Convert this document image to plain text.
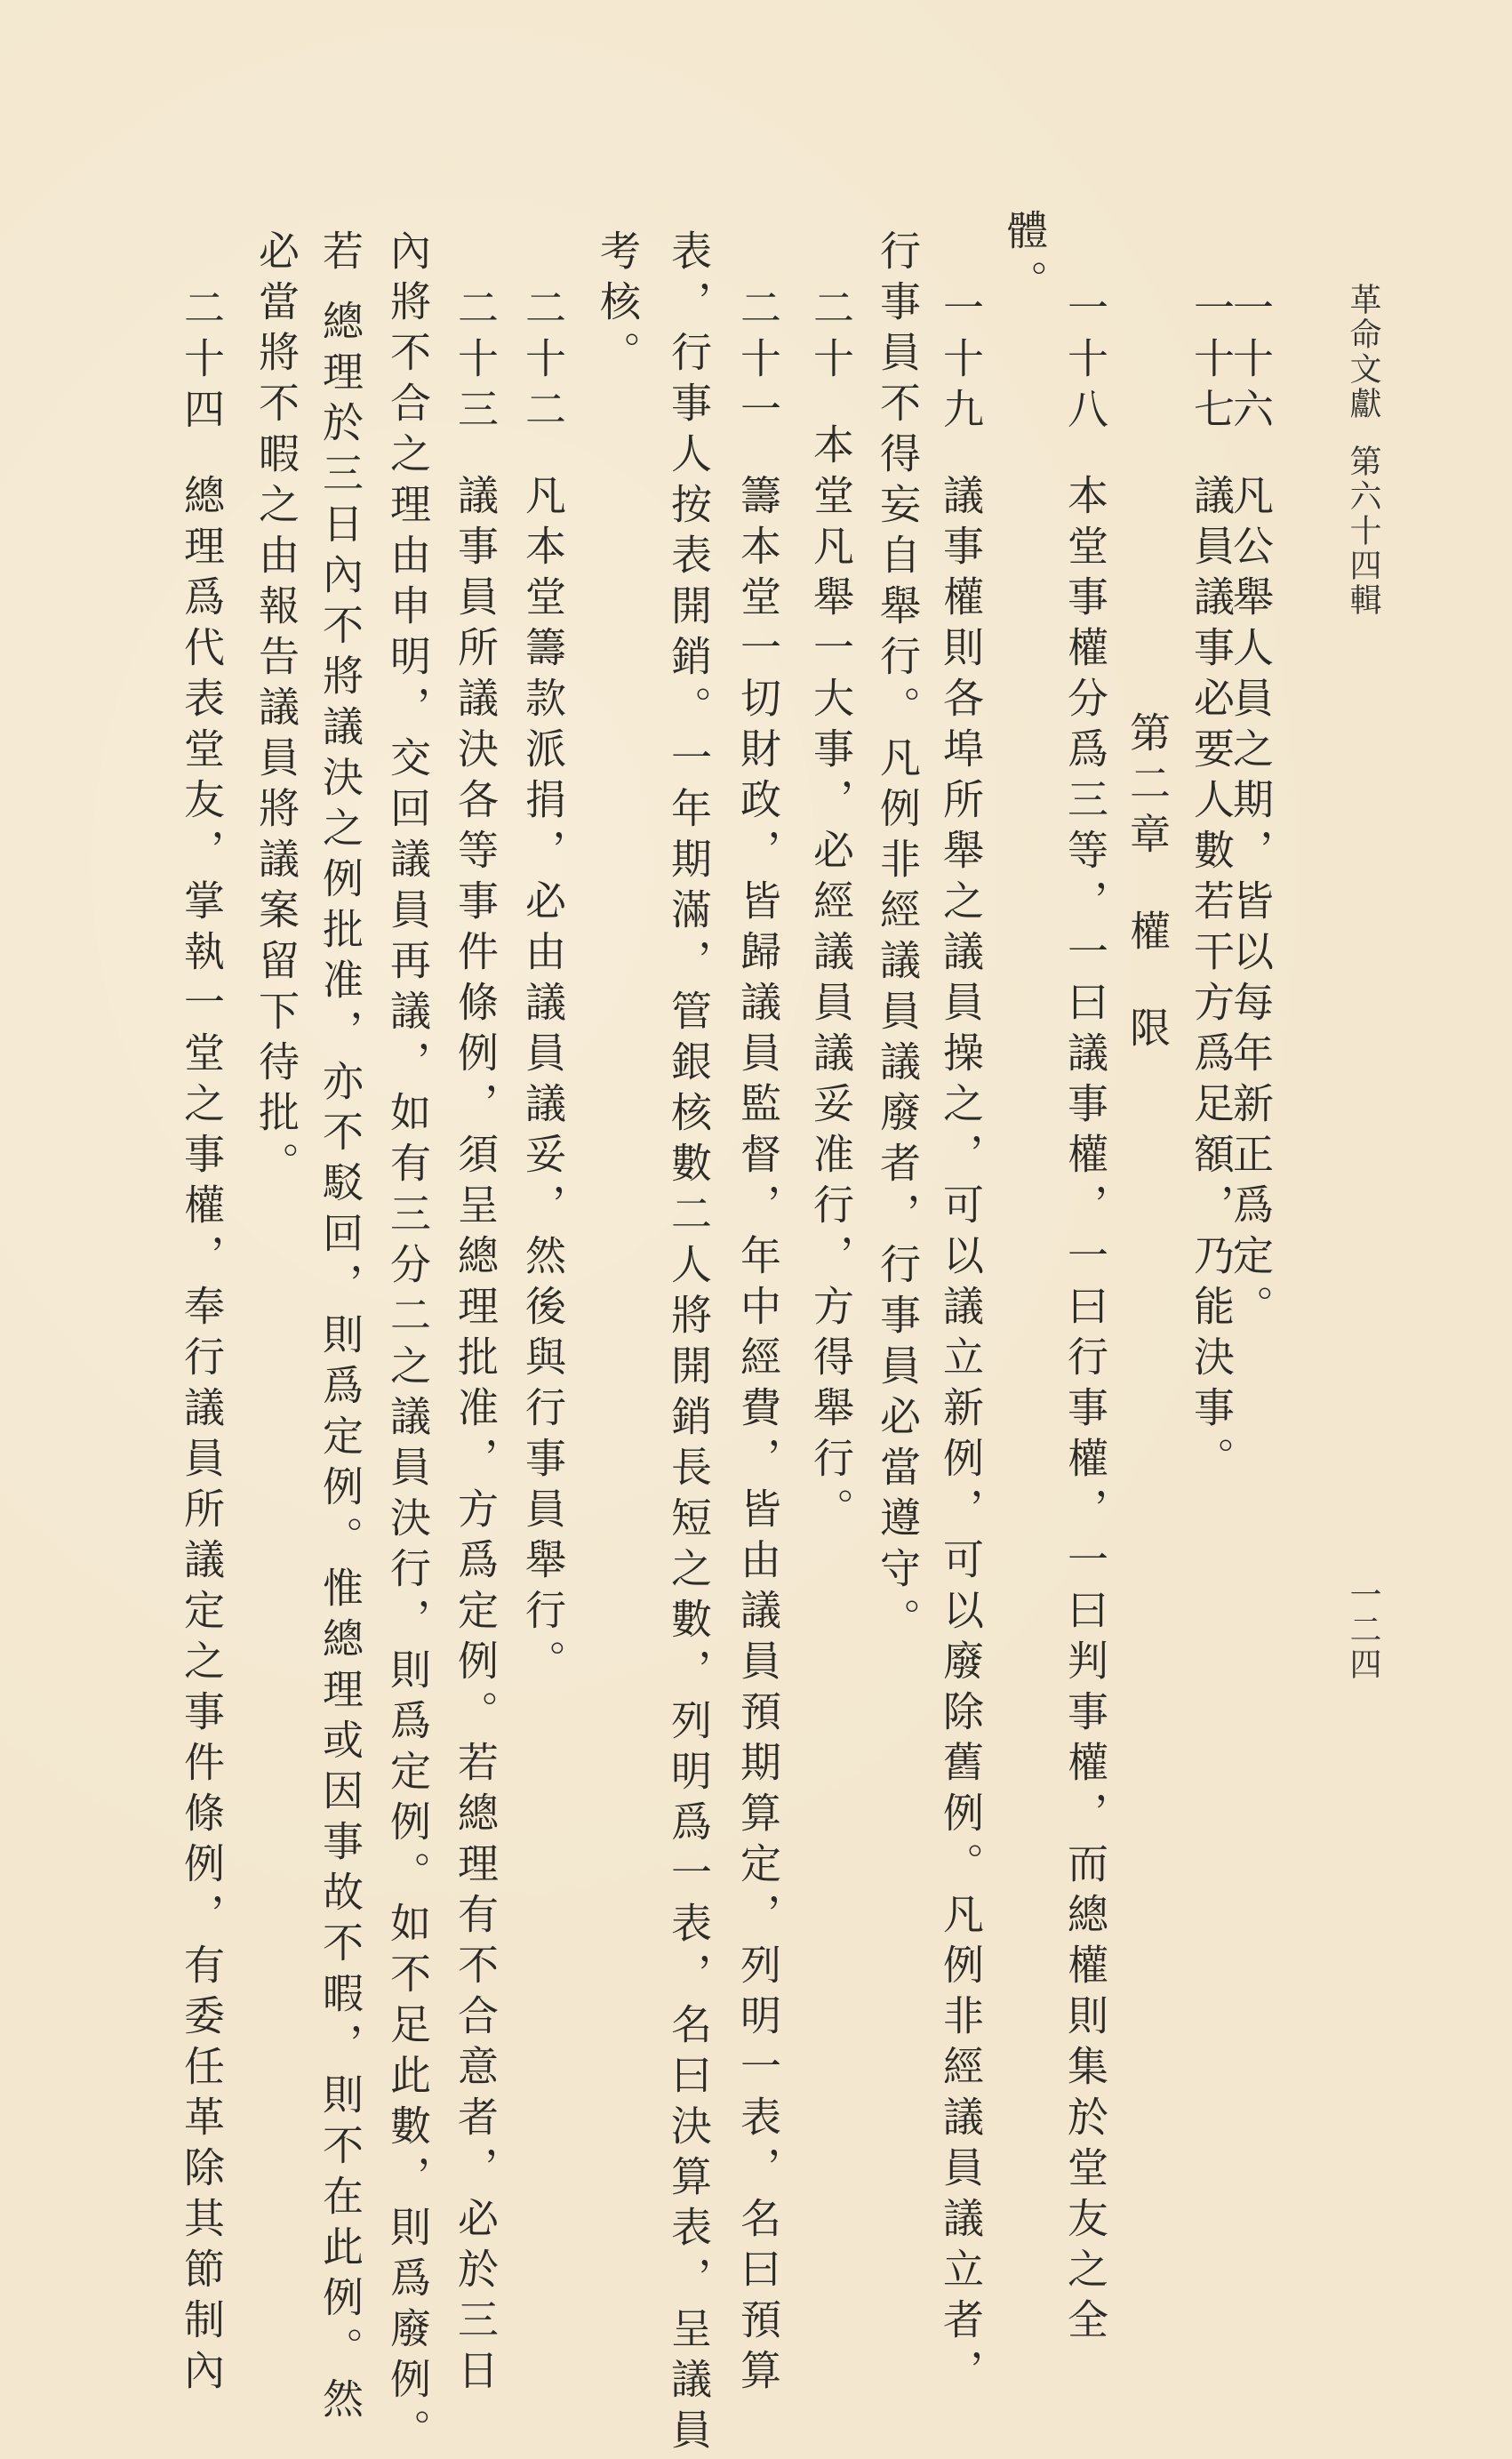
革命文獻第六十四輯
一二四
一十六凡公舉人員之期，皆以每年新正爲定。
一十七議員議事必要人數若干方爲足額，乃能決事。
第二章權限
一十八本堂事權分爲三等，一曰議事權，一曰行事權，一曰判事權，而總權則集於堂友之全
體。
一十九議事權則各埠所舉之議員操之，可以議立新例，可以廢除舊例。凡例非經議員議立者，
行事員不得妄自舉行。凡例非經議員議廢者，行事員必當遵守。
二十本堂凡舉一大事，必經議員議妥准行，方得舉行。
二十一籌本堂一切財政，皆歸議員監督，年中經費，皆由議員預期算定，列明一表，名曰預算
表，行事人按表開銷。一年期滿，管銀核數二人將開銷長短之數，列明爲一表，名曰決算表，呈議員
考核。
二十二凡本堂籌款派捐，必由議員議妥，然後與行事員舉行。
二十三議事員所議決各等事件條例，須呈總理批准，方爲定例。若總理有不合意者，必於三日
內將不合之理由申明，交回議員再議，如有三分二之議員決行，則爲定例。如不足此數，則爲廢例。
若總理於三日內不將議決之例批准，亦不駁回，則爲定例。惟總理或因事故不暇，則不在此例。然
必當將不暇之由報告議員將議案留下待批。
二十四總理爲代表堂友，掌執一堂之事權，奉行議員所議定之事件條例，有委任革除其節制內
